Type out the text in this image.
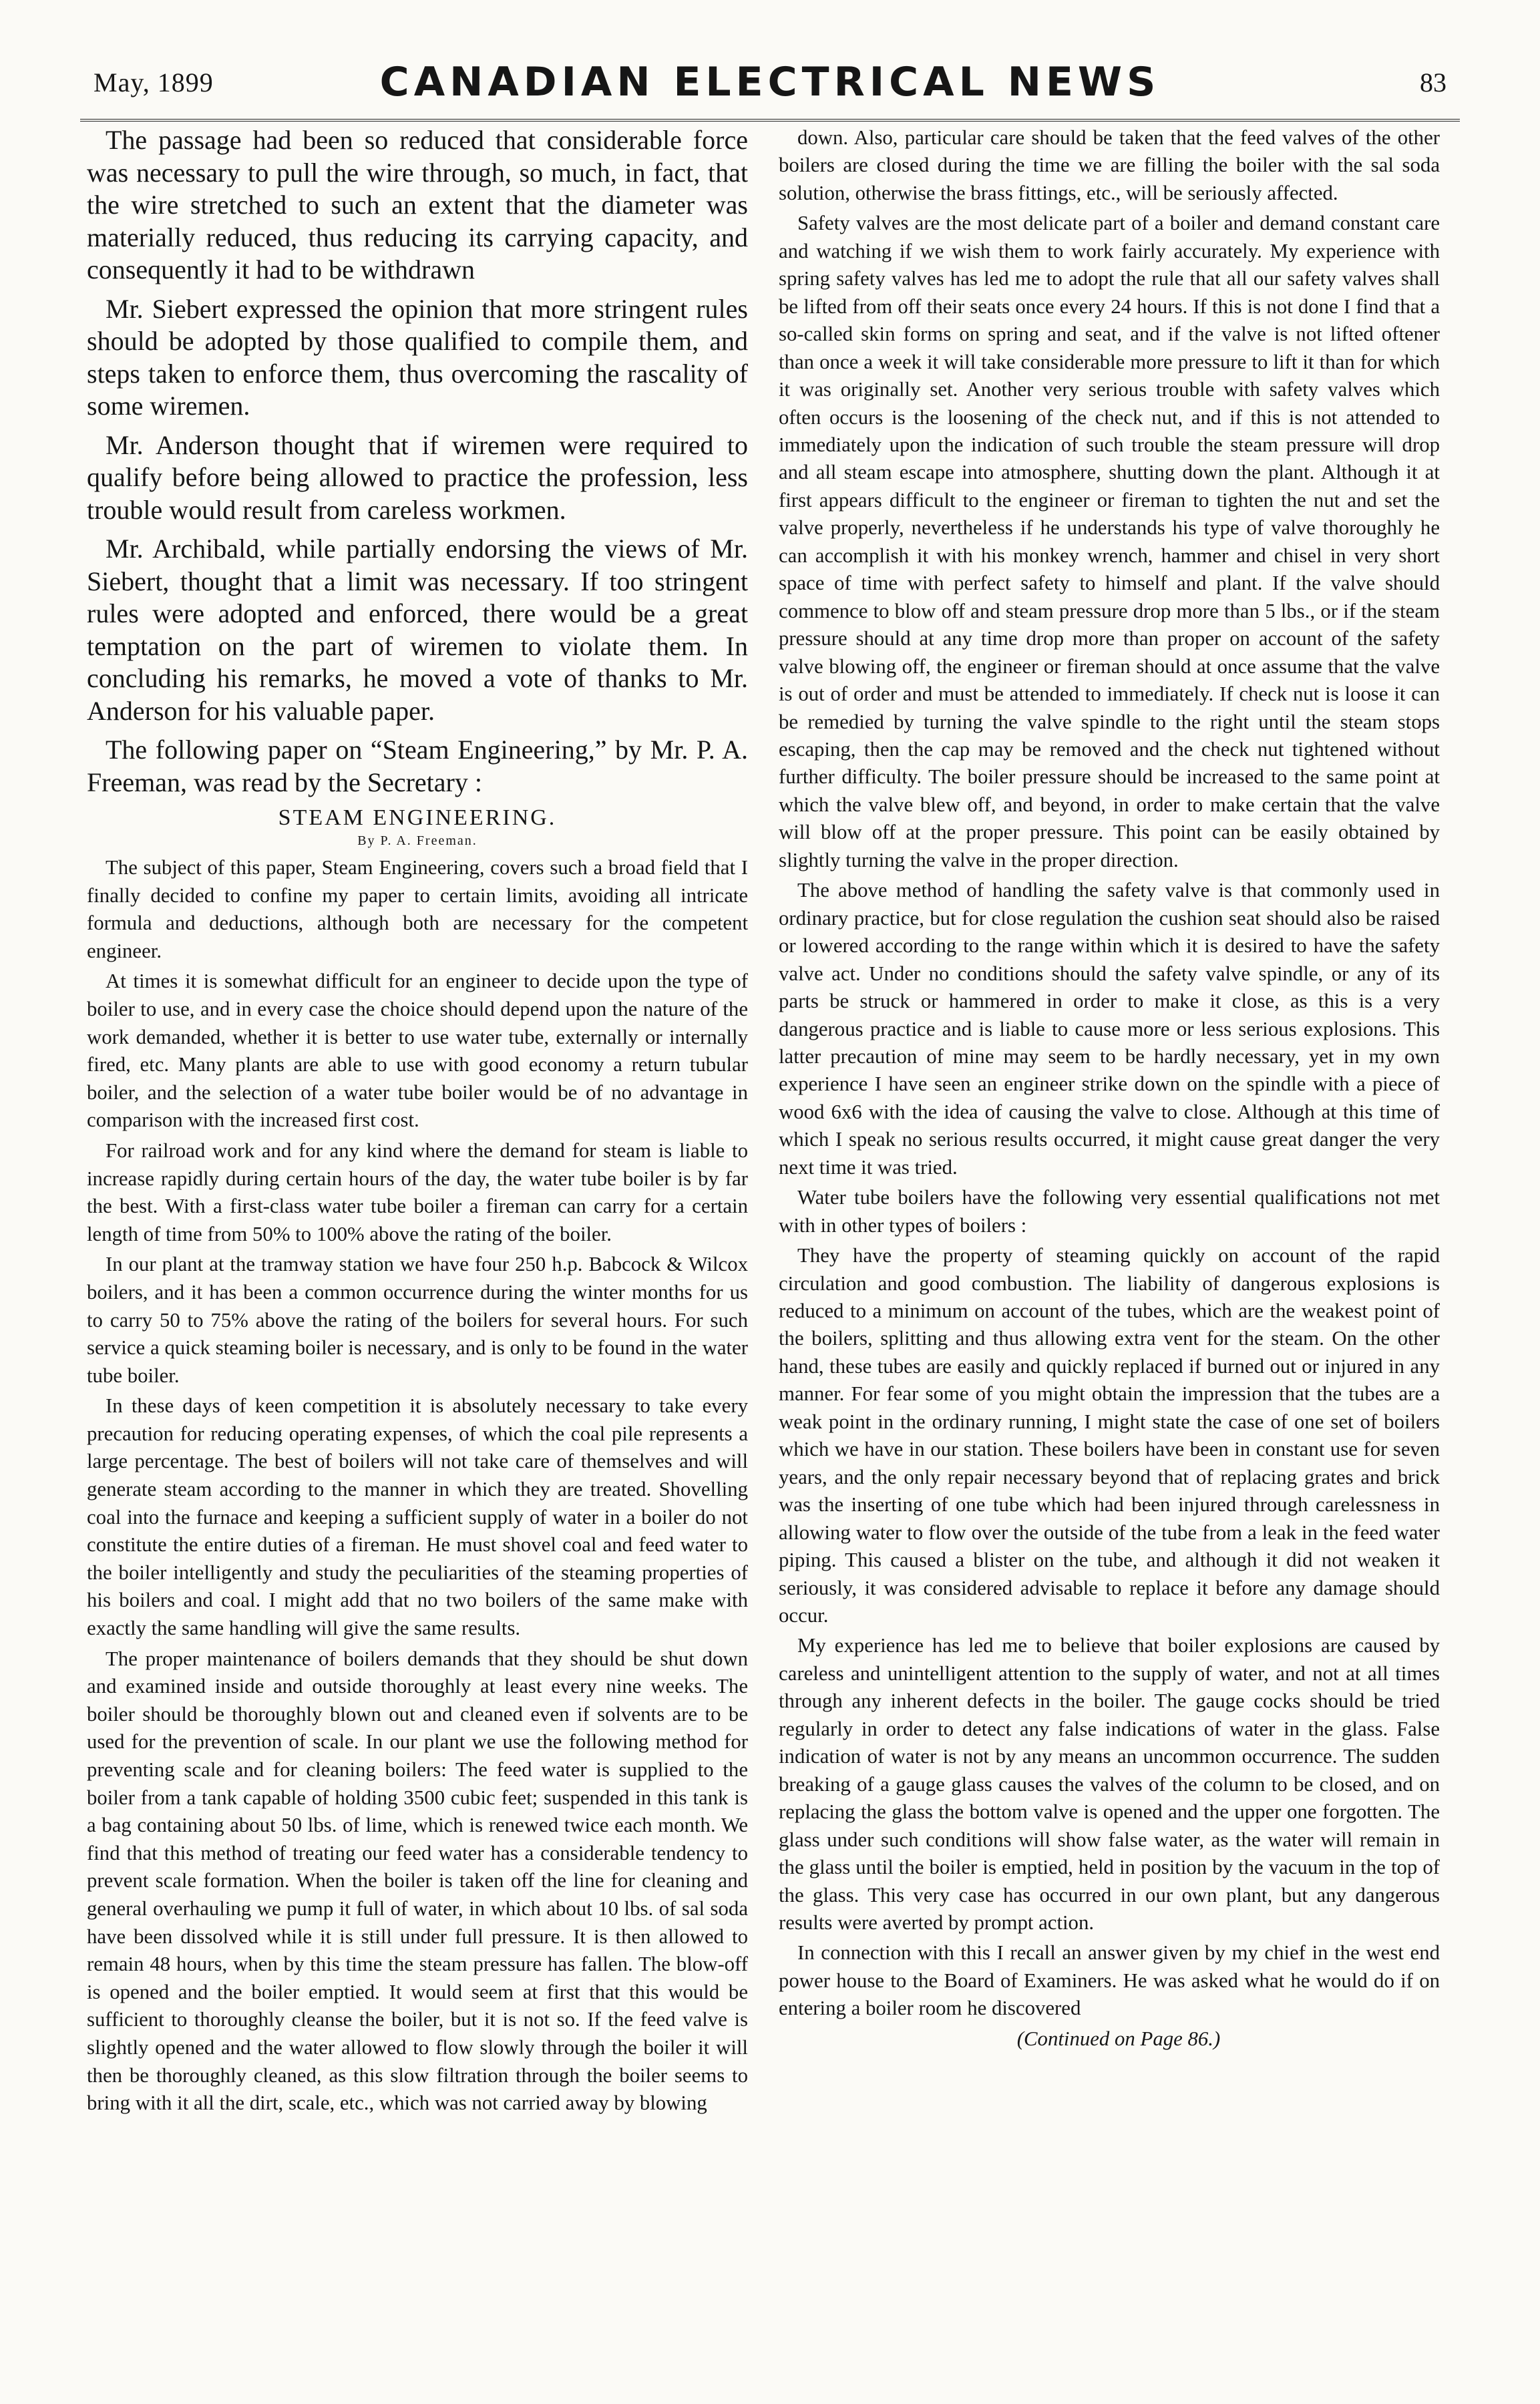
May, 1899	CANADIAN ELECTRICAL NEWS	83

The passage had been so reduced that considerable force was necessary to pull the wire through, so much, in fact, that the wire stretched to such an extent that the diameter was materially reduced, thus reducing its carrying capacity, and consequently it had to be withdrawn

Mr. Siebert expressed the opinion that more stringent rules should be adopted by those qualified to compile them, and steps taken to enforce them, thus overcoming the rascality of some wiremen.

Mr. Anderson thought that if wiremen were required to qualify before being allowed to practice the profession, less trouble would result from careless workmen.

Mr. Archibald, while partially endorsing the views of Mr. Siebert, thought that a limit was necessary. If too stringent rules were adopted and enforced, there would be a great temptation on the part of wiremen to violate them. In concluding his remarks, he moved a vote of thanks to Mr. Anderson for his valuable paper.

The following paper on “Steam Engineering,” by Mr. P. A. Freeman, was read by the Secretary :

STEAM ENGINEERING.
By P. A. Freeman.

The subject of this paper, Steam Engineering, covers such a broad field that I finally decided to confine my paper to certain limits, avoiding all intricate formula and deductions, although both are necessary for the competent engineer.

At times it is somewhat difficult for an engineer to decide upon the type of boiler to use, and in every case the choice should depend upon the nature of the work demanded, whether it is better to use water tube, externally or internally fired, etc. Many plants are able to use with good economy a return tubular boiler, and the selection of a water tube boiler would be of no advantage in comparison with the increased first cost.

For railroad work and for any kind where the demand for steam is liable to increase rapidly during certain hours of the day, the water tube boiler is by far the best. With a first-class water tube boiler a fireman can carry for a certain length of time from 50% to 100% above the rating of the boiler.

In our plant at the tramway station we have four 250 h.p. Babcock & Wilcox boilers, and it has been a common occurrence during the winter months for us to carry 50 to 75% above the rating of the boilers for several hours. For such service a quick steaming boiler is necessary, and is only to be found in the water tube boiler.

In these days of keen competition it is absolutely necessary to take every precaution for reducing operating expenses, of which the coal pile represents a large percentage. The best of boilers will not take care of themselves and will generate steam according to the manner in which they are treated. Shovelling coal into the furnace and keeping a sufficient supply of water in a boiler do not constitute the entire duties of a fireman. He must shovel coal and feed water to the boiler intelligently and study the peculiarities of the steaming properties of his boilers and coal. I might add that no two boilers of the same make with exactly the same handling will give the same results.

The proper maintenance of boilers demands that they should be shut down and examined inside and outside thoroughly at least every nine weeks. The boiler should be thoroughly blown out and cleaned even if solvents are to be used for the prevention of scale. In our plant we use the following method for preventing scale and for cleaning boilers: The feed water is supplied to the boiler from a tank capable of holding 3500 cubic feet; suspended in this tank is a bag containing about 50 lbs. of lime, which is renewed twice each month. We find that this method of treating our feed water has a considerable tendency to prevent scale formation. When the boiler is taken off the line for cleaning and general overhauling we pump it full of water, in which about 10 lbs. of sal soda have been dissolved while it is still under full pressure. It is then allowed to remain 48 hours, when by this time the steam pressure has fallen. The blow-off is opened and the boiler emptied. It would seem at first that this would be sufficient to thoroughly cleanse the boiler, but it is not so. If the feed valve is slightly opened and the water allowed to flow slowly through the boiler it will then be thoroughly cleaned, as this slow filtration through the boiler seems to bring with it all the dirt, scale, etc., which was not carried away by blowing

down. Also, particular care should be taken that the feed valves of the other boilers are closed during the time we are filling the boiler with the sal soda solution, otherwise the brass fittings, etc., will be seriously affected.

Safety valves are the most delicate part of a boiler and demand constant care and watching if we wish them to work fairly accurately. My experience with spring safety valves has led me to adopt the rule that all our safety valves shall be lifted from off their seats once every 24 hours. If this is not done I find that a so-called skin forms on spring and seat, and if the valve is not lifted oftener than once a week it will take considerable more pressure to lift it than for which it was originally set. Another very serious trouble with safety valves which often occurs is the loosening of the check nut, and if this is not attended to immediately upon the indication of such trouble the steam pressure will drop and all steam escape into atmosphere, shutting down the plant. Although it at first appears difficult to the engineer or fireman to tighten the nut and set the valve properly, nevertheless if he understands his type of valve thoroughly he can accomplish it with his monkey wrench, hammer and chisel in very short space of time with perfect safety to himself and plant. If the valve should commence to blow off and steam pressure drop more than 5 lbs., or if the steam pressure should at any time drop more than proper on account of the safety valve blowing off, the engineer or fireman should at once assume that the valve is out of order and must be attended to immediately. If check nut is loose it can be remedied by turning the valve spindle to the right until the steam stops escaping, then the cap may be removed and the check nut tightened without further difficulty. The boiler pressure should be increased to the same point at which the valve blew off, and beyond, in order to make certain that the valve will blow off at the proper pressure. This point can be easily obtained by slightly turning the valve in the proper direction.

The above method of handling the safety valve is that commonly used in ordinary practice, but for close regulation the cushion seat should also be raised or lowered according to the range within which it is desired to have the safety valve act. Under no conditions should the safety valve spindle, or any of its parts be struck or hammered in order to make it close, as this is a very dangerous practice and is liable to cause more or less serious explosions. This latter precaution of mine may seem to be hardly necessary, yet in my own experience I have seen an engineer strike down on the spindle with a piece of wood 6x6 with the idea of causing the valve to close. Although at this time of which I speak no serious results occurred, it might cause great danger the very next time it was tried.

Water tube boilers have the following very essential qualifications not met with in other types of boilers :

They have the property of steaming quickly on account of the rapid circulation and good combustion. The liability of dangerous explosions is reduced to a minimum on account of the tubes, which are the weakest point of the boilers, splitting and thus allowing extra vent for the steam. On the other hand, these tubes are easily and quickly replaced if burned out or injured in any manner. For fear some of you might obtain the impression that the tubes are a weak point in the ordinary running, I might state the case of one set of boilers which we have in our station. These boilers have been in constant use for seven years, and the only repair necessary beyond that of replacing grates and brick was the inserting of one tube which had been injured through carelessness in allowing water to flow over the outside of the tube from a leak in the feed water piping. This caused a blister on the tube, and although it did not weaken it seriously, it was considered advisable to replace it before any damage should occur.

My experience has led me to believe that boiler explosions are caused by careless and unintelligent attention to the supply of water, and not at all times through any inherent defects in the boiler. The gauge cocks should be tried regularly in order to detect any false indications of water in the glass. False indication of water is not by any means an uncommon occurrence. The sudden breaking of a gauge glass causes the valves of the column to be closed, and on replacing the glass the bottom valve is opened and the upper one forgotten. The glass under such conditions will show false water, as the water will remain in the glass until the boiler is emptied, held in position by the vacuum in the top of the glass. This very case has occurred in our own plant, but any dangerous results were averted by prompt action.

In connection with this I recall an answer given by my chief in the west end power house to the Board of Examiners. He was asked what he would do if on entering a boiler room he discovered

(Continued on Page 86.)
